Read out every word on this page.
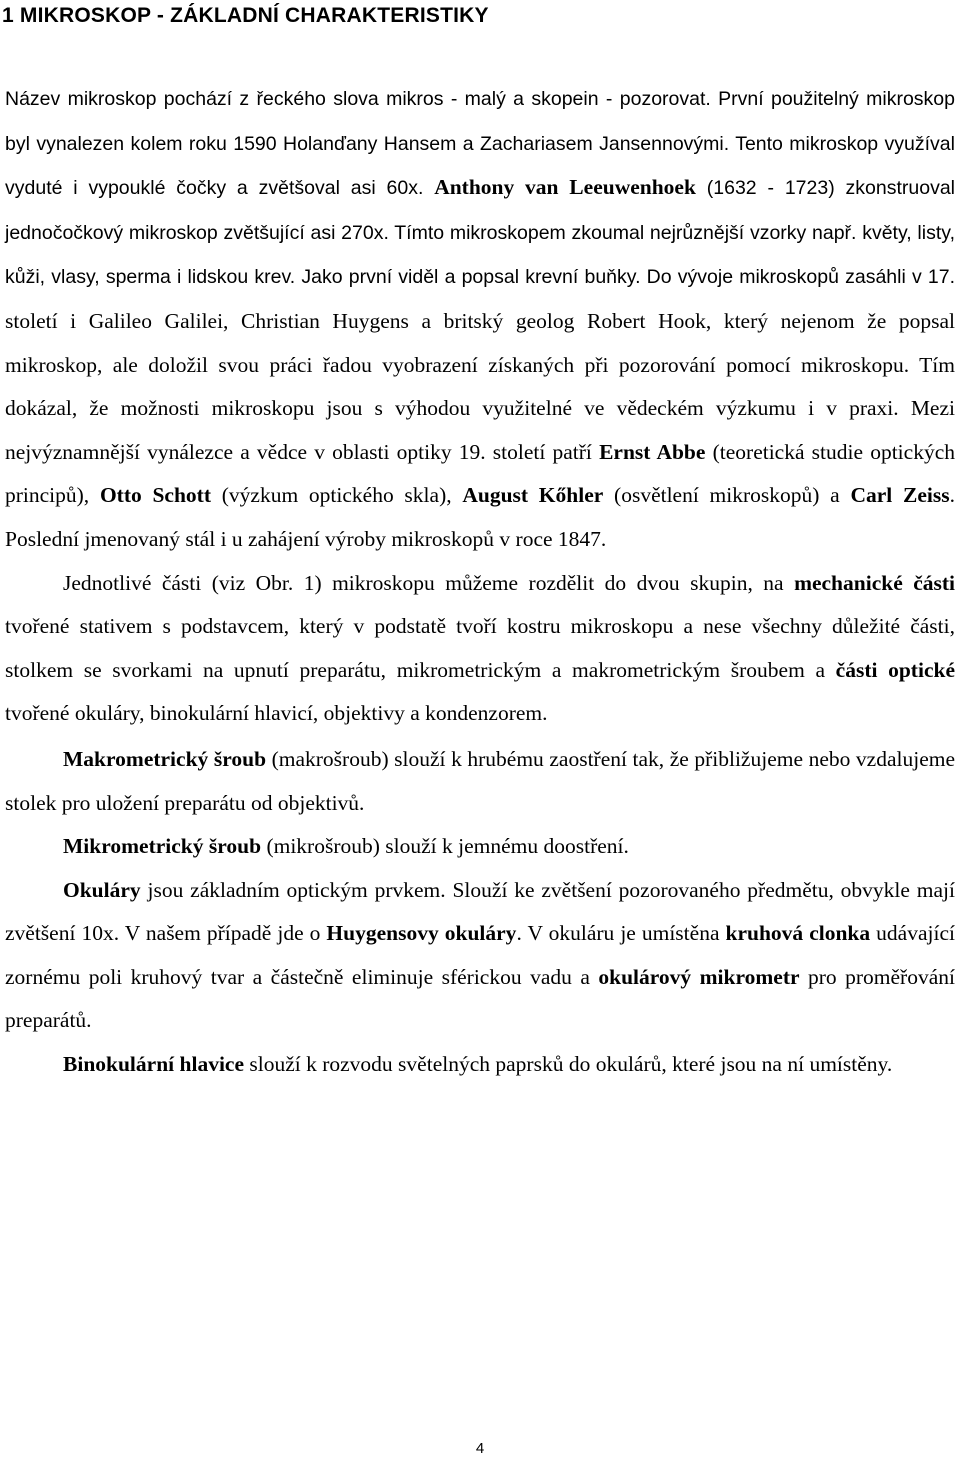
1 MIKROSKOP - ZÁKLADNÍ CHARAKTERISTIKY

Název mikroskop pochází z řeckého slova mikros - malý a skopein - pozorovat. První použitelný mikroskop byl vynalezen kolem roku 1590 Holanďany Hansem a Zachariasem Jansennovými. Tento mikroskop využíval vyduté i vypouklé čočky a zvětšoval asi 60x. Anthony van Leeuwenhoek (1632 - 1723) zkonstruoval jednočočkový mikroskop zvětšující asi 270x. Tímto mikroskopem zkoumal nejrůznější vzorky např. květy, listy, kůži, vlasy, sperma i lidskou krev. Jako první viděl a popsal krevní buňky. Do vývoje mikroskopů zasáhli v 17. století i Galileo Galilei, Christian Huygens a britský geolog Robert Hook, který nejenom že popsal mikroskop, ale doložil svou práci řadou vyobrazení získaných při pozorování pomocí mikroskopu. Tím dokázal, že možnosti mikroskopu jsou s výhodou využitelné ve vědeckém výzkumu i v praxi. Mezi nejvýznamnější vynálezce a vědce v oblasti optiky 19. století patří Ernst Abbe (teoretická studie optických principů), Otto Schott (výzkum optického skla), August Kőhler (osvětlení mikroskopů) a Carl Zeiss. Poslední jmenovaný stál i u zahájení výroby mikroskopů v roce 1847.

Jednotlivé části (viz Obr. 1) mikroskopu můžeme rozdělit do dvou skupin, na mechanické části tvořené stativem s podstavcem, který v podstatě tvoří kostru mikroskopu a nese všechny důležité části, stolkem se svorkami na upnutí preparátu, mikrometrickým a makrometrickým šroubem a části optické tvořené okuláry, binokulární hlavicí, objektivy a kondenzorem.

Makrometrický šroub (makrošroub) slouží k hrubému zaostření tak, že přibližujeme nebo vzdalujeme stolek pro uložení preparátu od objektivů.

Mikrometrický šroub (mikrošroub) slouží k jemnému doostření.

Okuláry jsou základním optickým prvkem. Slouží ke zvětšení pozorovaného předmětu, obvykle mají zvětšení 10x. V našem případě jde o Huygensovy okuláry. V okuláru je umístěna kruhová clonka udávající zornému poli kruhový tvar a částečně eliminuje sférickou vadu a okulárový mikrometr pro proměřování preparátů.

Binokulární hlavice slouží k rozvodu světelných paprsků do okulárů, které jsou na ní umístěny.

4
